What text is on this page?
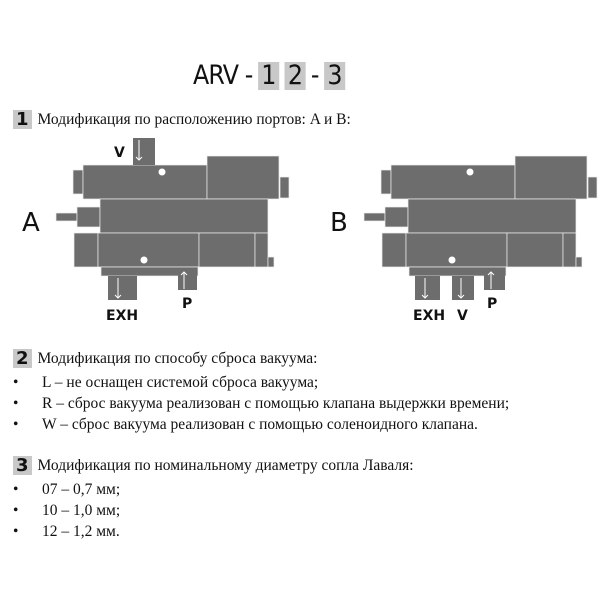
ARV - 1 2 - 3
1 Модификация по расположению портов: A и B:
A
V
EXH
P
B
EXH V
P
2 Модификация по способу сброса вакуума:
• L – не оснащен системой сброса вакуума;
• R – сброс вакуума реализован с помощью клапана выдержки времени;
• W – сброс вакуума реализован с помощью соленоидного клапана.
3 Модификация по номинальному диаметру сопла Лаваля:
• 07 – 0,7 мм;
• 10 – 1,0 мм;
• 12 – 1,2 мм.
